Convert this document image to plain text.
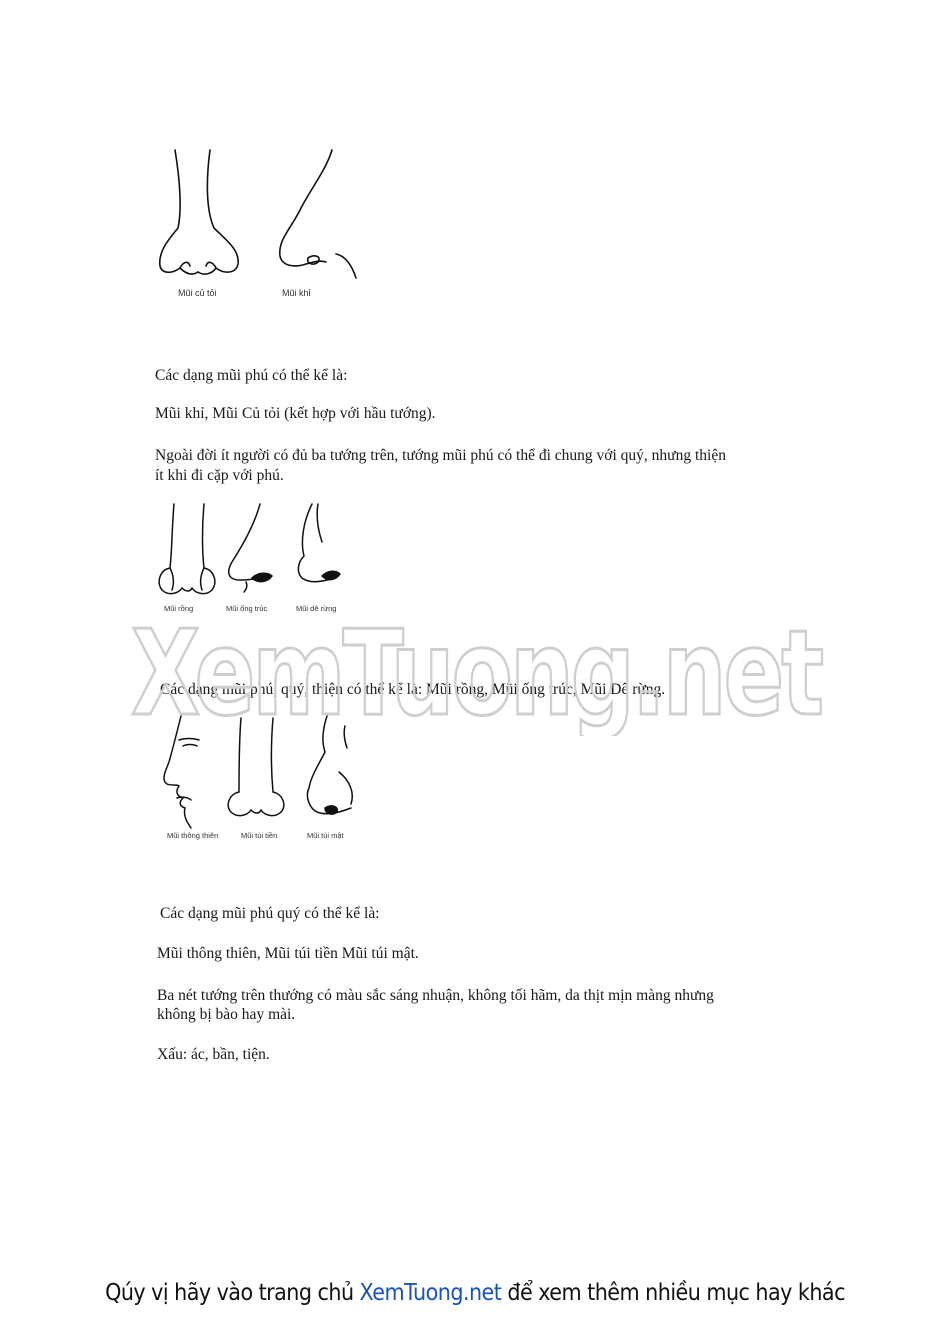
Mũi củ tỏi	Mũi khỉ

Các dạng mũi phú có thể kể là:

Mũi khỉ, Mũi Củ tỏi (kết hợp với hầu tướng).

Ngoài đời ít người có đủ ba tướng trên, tướng mũi phú có thể đi chung với quý, nhưng thiện

ít khi đi cặp với phú.

Mũi rồng	Mũi ống trúc	Mũi dê rừng

Các dạng mũi phú, quý, thiện có thể kể là: Mũi rồng, Mũi ống trúc, Mũi Dê rừng.

Mũi thông thiên	Mũi túi tiền	Mũi túi mật

Các dạng mũi phú quý có thể kể là:

Mũi thông thiên, Mũi túi tiền Mũi túi mật.

Ba nét tướng trên thướng có màu sắc sáng nhuận, không tối hãm, da thịt mịn màng nhưng

không bị bào hay mài.

Xấu: ác, bần, tiện.

XemTuong.net
Qúy vị hãy vào trang chủ XemTuong.net để xem thêm nhiều mục hay khác
